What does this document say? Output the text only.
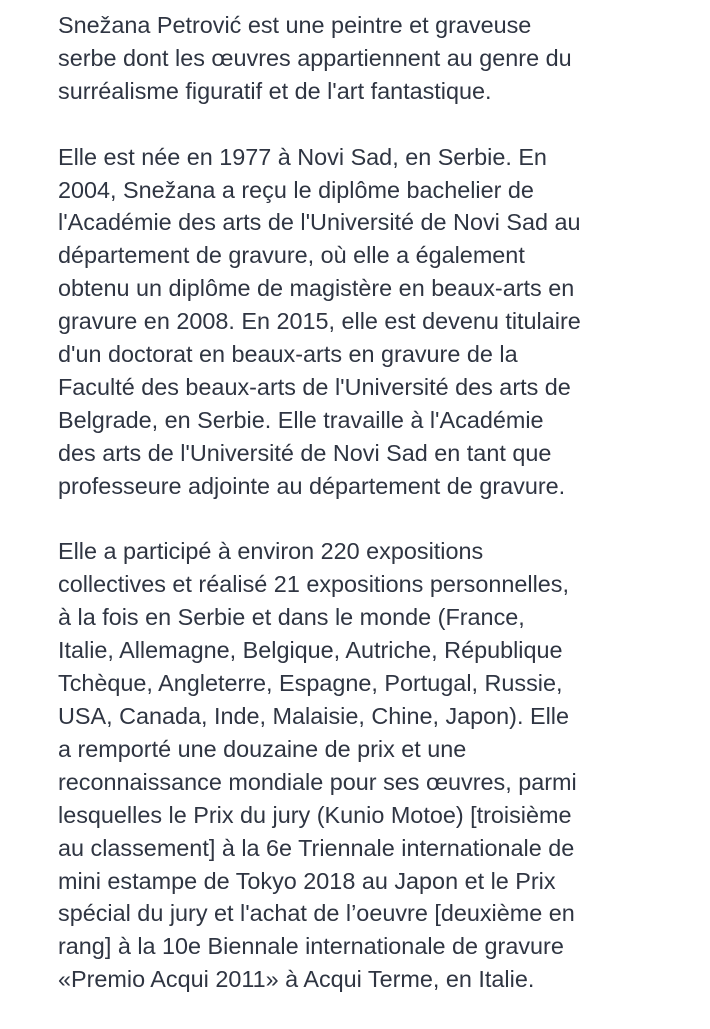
Snežana Petrović est une peintre et graveuse
serbe dont les œuvres appartiennent au genre du
surréalisme figuratif et de l'art fantastique.

Elle est née en 1977 à Novi Sad, en Serbie. En
2004, Snežana a reçu le diplôme bachelier de
l'Académie des arts de l'Université de Novi Sad au
département de gravure, où elle a également
obtenu un diplôme de magistère en beaux-arts en
gravure en 2008. En 2015, elle est devenu titulaire
d'un doctorat en beaux-arts en gravure de la
Faculté des beaux-arts de l'Université des arts de
Belgrade, en Serbie. Elle travaille à l'Académie
des arts de l'Université de Novi Sad en tant que
professeure adjointe au département de gravure.

Elle a participé à environ 220 expositions
collectives et réalisé 21 expositions personnelles,
à la fois en Serbie et dans le monde (France,
Italie, Allemagne, Belgique, Autriche, République
Tchèque, Angleterre, Espagne, Portugal, Russie,
USA, Canada, Inde, Malaisie, Chine, Japon). Elle
a remporté une douzaine de prix et une
reconnaissance mondiale pour ses œuvres, parmi
lesquelles le Prix du jury (Kunio Motoe) [troisième
au classement] à la 6e Triennale internationale de
mini estampe de Tokyo 2018 au Japon et le Prix
spécial du jury et l'achat de l’oeuvre [deuxième en
rang] à la 10e Biennale internationale de gravure
«Premio Acqui 2011» à Acqui Terme, en Italie.
